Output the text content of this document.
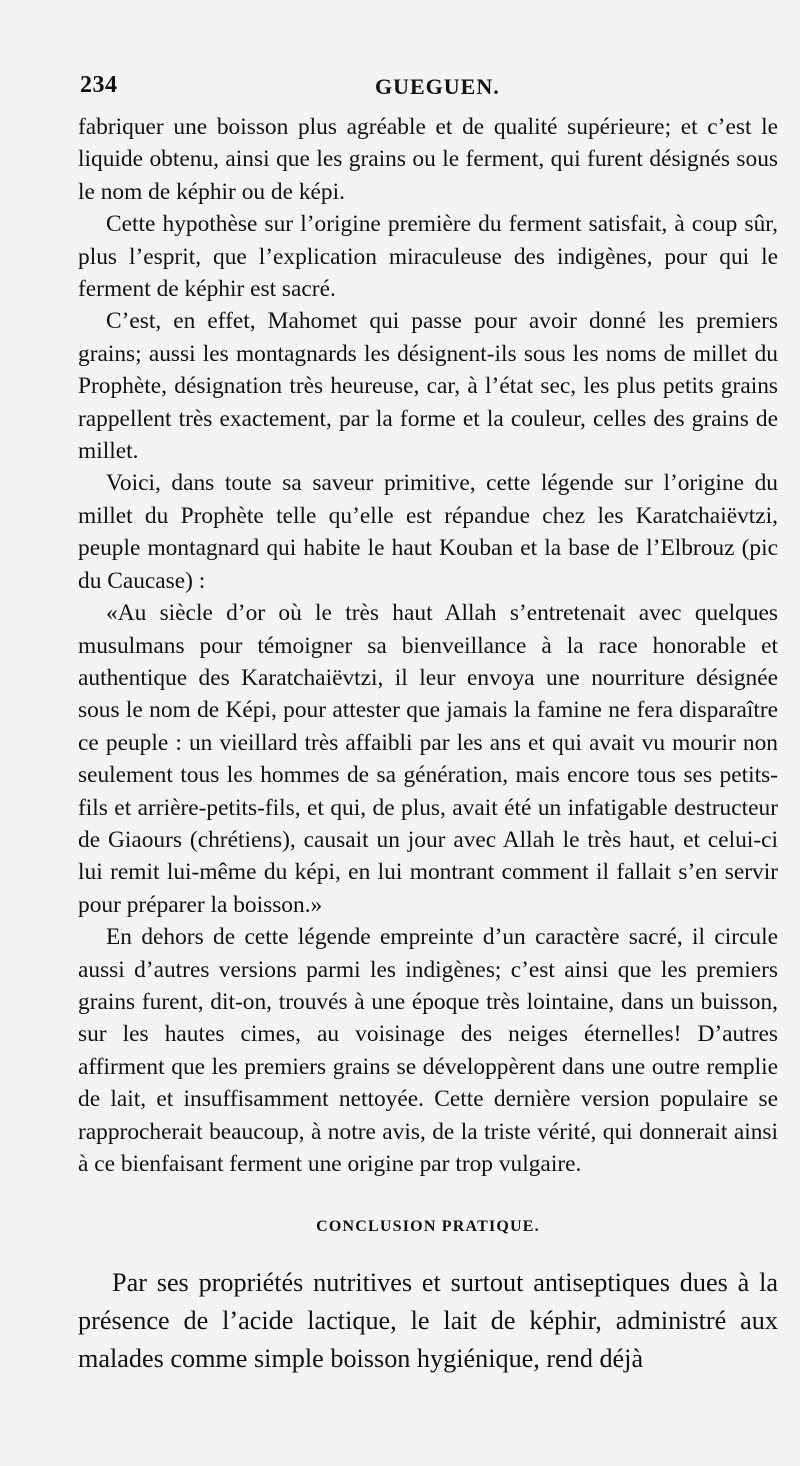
234	GUEGUEN.

fabriquer une boisson plus agréable et de qualité supérieure; et c’est le liquide obtenu, ainsi que les grains ou le ferment, qui furent désignés sous le nom de képhir ou de képi.

Cette hypothèse sur l’origine première du ferment satisfait, à coup sûr, plus l’esprit, que l’explication miraculeuse des indigènes, pour qui le ferment de képhir est sacré.

C’est, en effet, Mahomet qui passe pour avoir donné les premiers grains; aussi les montagnards les désignent-ils sous les noms de millet du Prophète, désignation très heureuse, car, à l’état sec, les plus petits grains rappellent très exactement, par la forme et la couleur, celles des grains de millet.

Voici, dans toute sa saveur primitive, cette légende sur l’origine du millet du Prophète telle qu’elle est répandue chez les Karatchaiëvtzi, peuple montagnard qui habite le haut Kouban et la base de l’Elbrouz (pic du Caucase) :

«Au siècle d’or où le très haut Allah s’entretenait avec quelques musulmans pour témoigner sa bienveillance à la race honorable et authentique des Karatchaiëvtzi, il leur envoya une nourriture désignée sous le nom de Képi, pour attester que jamais la famine ne fera disparaître ce peuple : un vieillard très affaibli par les ans et qui avait vu mourir non seulement tous les hommes de sa génération, mais encore tous ses petits-fils et arrière-petits-fils, et qui, de plus, avait été un infatigable destructeur de Giaours (chrétiens), causait un jour avec Allah le très haut, et celui-ci lui remit lui-même du képi, en lui montrant comment il fallait s’en servir pour préparer la boisson.»

En dehors de cette légende empreinte d’un caractère sacré, il circule aussi d’autres versions parmi les indigènes; c’est ainsi que les premiers grains furent, dit-on, trouvés à une époque très lointaine, dans un buisson, sur les hautes cimes, au voisinage des neiges éternelles! D’autres affirment que les premiers grains se développèrent dans une outre remplie de lait, et insuffisamment nettoyée. Cette dernière version populaire se rapprocherait beaucoup, à notre avis, de la triste vérité, qui donnerait ainsi à ce bienfaisant ferment une origine par trop vulgaire.

CONCLUSION PRATIQUE.

Par ses propriétés nutritives et surtout antiseptiques dues à la présence de l’acide lactique, le lait de képhir, administré aux malades comme simple boisson hygiénique, rend déjà
